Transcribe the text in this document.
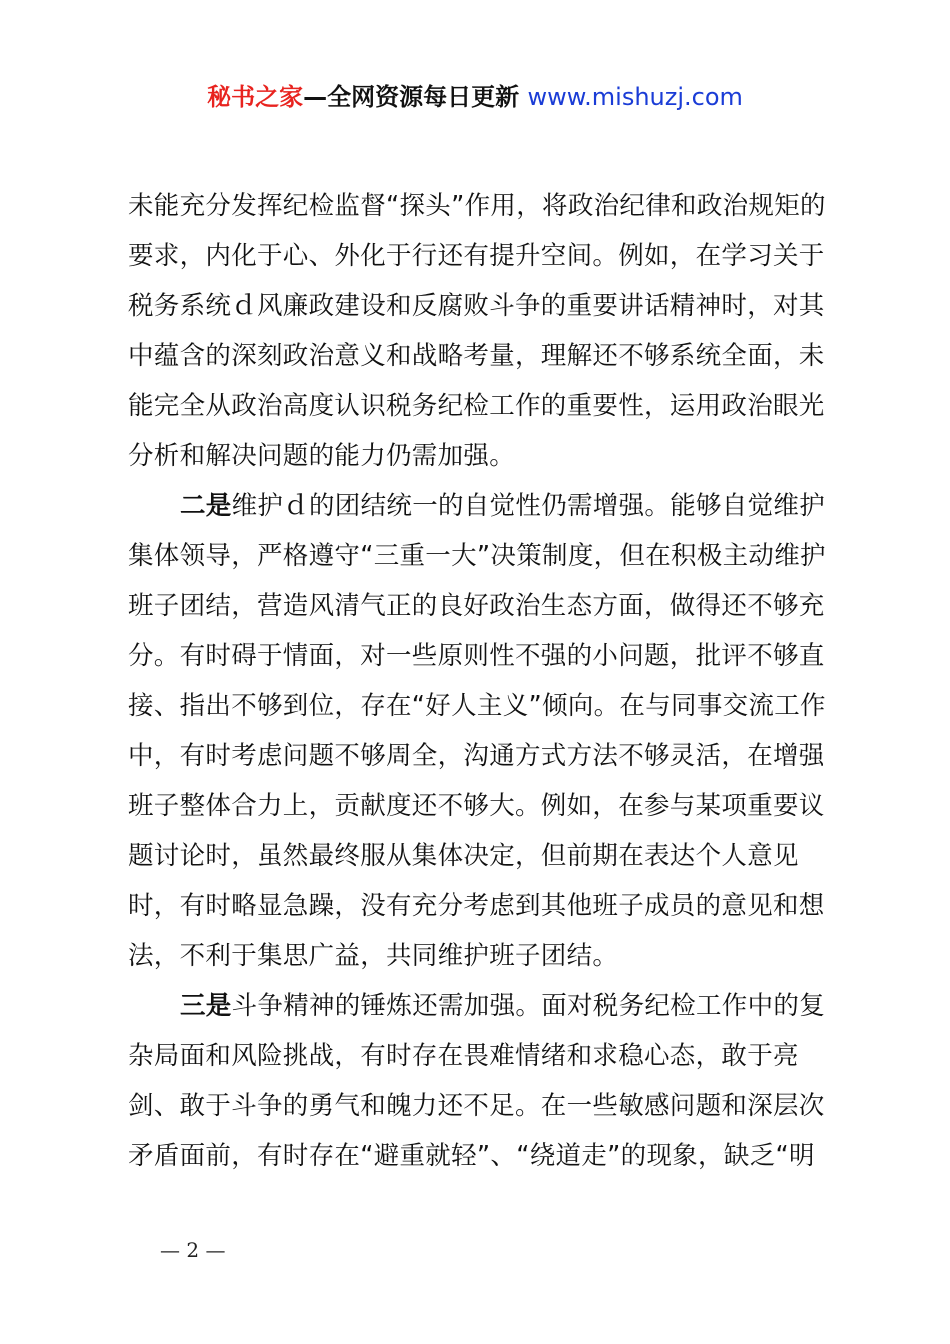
秘书之家—全网资源每日更新 www.mishuzj.com

未能充分发挥纪检监督“探头”作用，将政治纪律和政治规矩的要求，内化于心、外化于行还有提升空间。例如，在学习关于税务系统ｄ风廉政建设和反腐败斗争的重要讲话精神时，对其中蕴含的深刻政治意义和战略考量，理解还不够系统全面，未能完全从政治高度认识税务纪检工作的重要性，运用政治眼光分析和解决问题的能力仍需加强。

二是维护ｄ的团结统一的自觉性仍需增强。能够自觉维护集体领导，严格遵守“三重一大”决策制度，但在积极主动维护班子团结，营造风清气正的良好政治生态方面，做得还不够充分。有时碍于情面，对一些原则性不强的小问题，批评不够直接、指出不够到位，存在“好人主义”倾向。在与同事交流工作中，有时考虑问题不够周全，沟通方式方法不够灵活，在增强班子整体合力上，贡献度还不够大。例如，在参与某项重要议题讨论时，虽然最终服从集体决定，但前期在表达个人意见时，有时略显急躁，没有充分考虑到其他班子成员的意见和想法，不利于集思广益，共同维护班子团结。

三是斗争精神的锤炼还需加强。面对税务纪检工作中的复杂局面和风险挑战，有时存在畏难情绪和求稳心态，敢于亮剑、敢于斗争的勇气和魄力还不足。在一些敏感问题和深层次矛盾面前，有时存在“避重就轻”、“绕道走”的现象，缺乏“明

— 2 —
